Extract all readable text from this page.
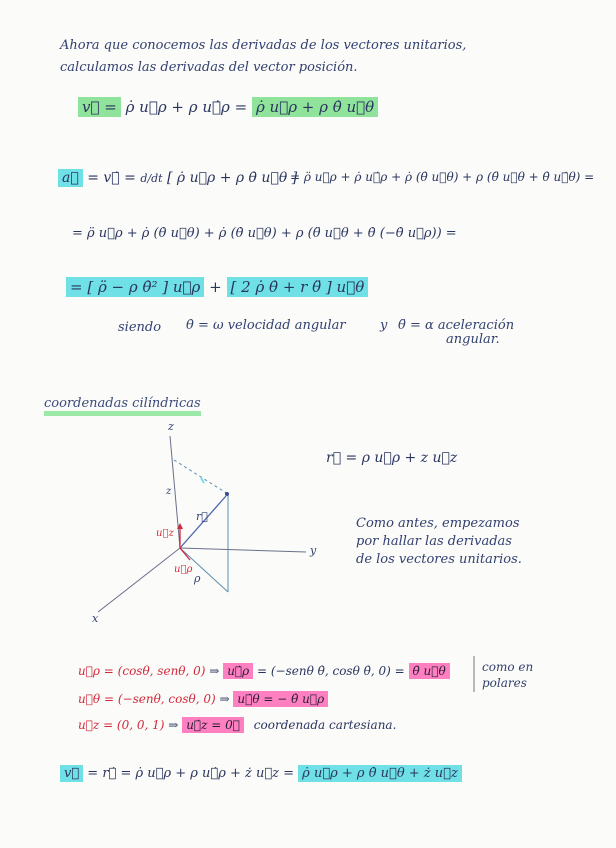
Ahora que conocemos las derivadas de los vectores unitarios,
calculamos las derivadas del vector posición.
v⃗ = ρ̇ u⃗ρ + ρ u⃗̇ρ = ρ̇ u⃗ρ + ρ θ̇ u⃗θ
a⃗ = v⃗̇ = d/dt [ ρ̇ u⃗ρ + ρ θ̇ u⃗θ ]
= ρ̈ u⃗ρ + ρ̇ u⃗̇ρ + ρ̇ (θ̇ u⃗θ) + ρ (θ̈ u⃗θ + θ̇ u⃗̇θ) =
= ρ̈ u⃗ρ + ρ̇ (θ̇ u⃗θ) + ρ̇ (θ̇ u⃗θ) + ρ (θ̈ u⃗θ + θ̇ (−θ̇ u⃗ρ)) =
= [ ρ̈ − ρ θ̇² ] u⃗ρ + [ 2 ρ̇ θ̇ + r θ̈ ] u⃗θ
siendo θ̇ = ω velocidad angular	y θ̈ = α aceleración
angular.
coordenadas cilíndricas
r⃗ = ρ u⃗ρ + z u⃗z
Como antes, empezamos
por hallar las derivadas
de los vectores unitarios.
z
y
x
z
r⃗
u⃗z
u⃗ρ
ρ
u⃗ρ = (cosθ, senθ, 0) ⇒ u⃗̇ρ = (−senθ θ̇, cosθ θ̇, 0) = θ̇ u⃗θ
u⃗θ = (−senθ, cosθ, 0) ⇒ u⃗̇θ = − θ̇ u⃗ρ
u⃗z = (0, 0, 1) ⇒ u⃗̇z = 0⃗ coordenada cartesiana.
como en
polares
v⃗ = r⃗̇ = ρ̇ u⃗ρ + ρ u⃗̇ρ + ż u⃗z = ρ̇ u⃗ρ + ρ θ̇ u⃗θ + ż u⃗z
